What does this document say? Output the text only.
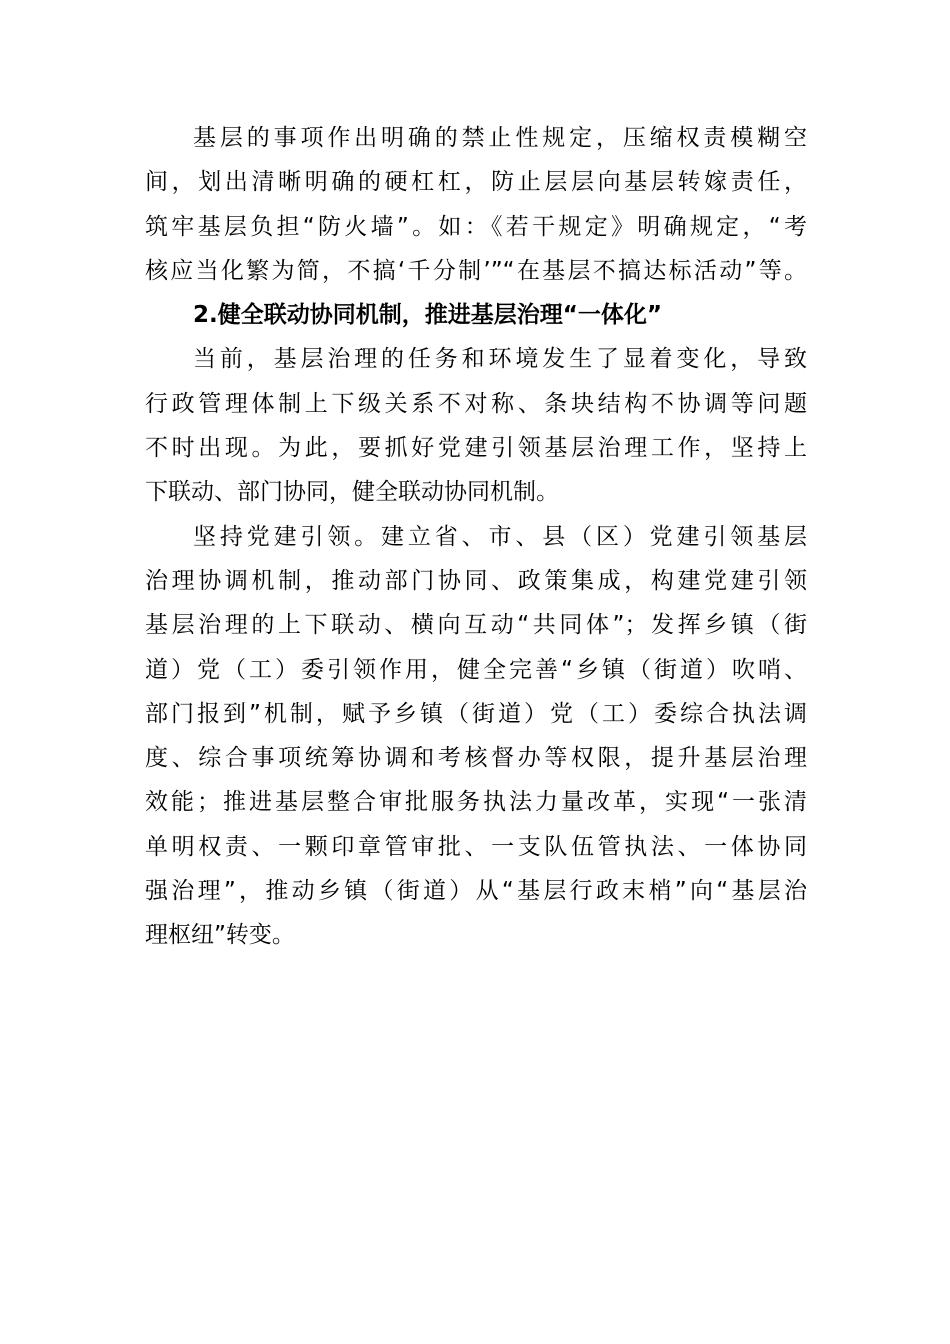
基层的事项作出明确的禁止性规定，压缩权责模糊空
间，划出清晰明确的硬杠杠，防止层层向基层转嫁责任，
筑牢基层负担“防火墙”。如：《若干规定》明确规定，“考
核应当化繁为简，不搞‘千分制’”“在基层不搞达标活动”等。
2.健全联动协同机制，推进基层治理“一体化”
当前，基层治理的任务和环境发生了显着变化，导致
行政管理体制上下级关系不对称、条块结构不协调等问题
不时出现。为此，要抓好党建引领基层治理工作，坚持上
下联动、部门协同，健全联动协同机制。
坚持党建引领。建立省、市、县（区）党建引领基层
治理协调机制，推动部门协同、政策集成，构建党建引领
基层治理的上下联动、横向互动“共同体”；发挥乡镇（街
道）党（工）委引领作用，健全完善“乡镇（街道）吹哨、
部门报到”机制，赋予乡镇（街道）党（工）委综合执法调
度、综合事项统筹协调和考核督办等权限，提升基层治理
效能；推进基层整合审批服务执法力量改革，实现“一张清
单明权责、一颗印章管审批、一支队伍管执法、一体协同
强治理”，推动乡镇（街道）从“基层行政末梢”向“基层治
理枢纽”转变。
